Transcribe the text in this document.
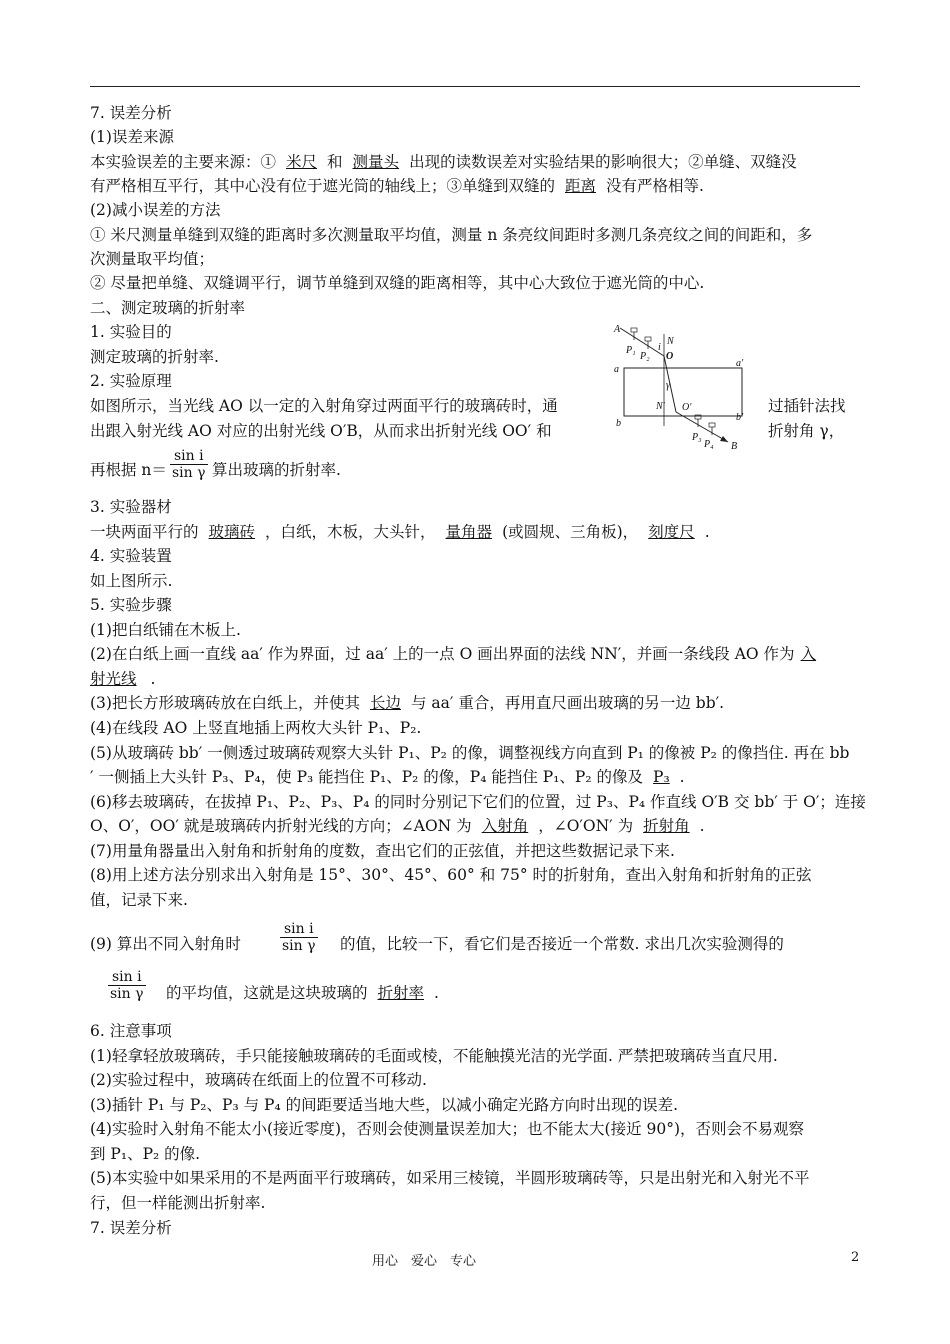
7. 误差分析
(1)误差来源
本实验误差的主要来源：① 米尺 和 测量头 出现的读数误差对实验结果的影响很大；②单缝、双缝没
有严格相互平行，其中心没有位于遮光筒的轴线上；③单缝到双缝的 距离 没有严格相等.
(2)减小误差的方法
① 米尺测量单缝到双缝的距离时多次测量取平均值，测量 n 条亮纹间距时多测几条亮纹之间的间距和，多
次测量取平均值；
② 尽量把单缝、双缝调平行，调节单缝到双缝的距离相等，其中心大致位于遮光筒的中心.
二、测定玻璃的折射率
1. 实验目的
测定玻璃的折射率.
2. 实验原理
如图所示，当光线 AO 以一定的入射角穿过两面平行的玻璃砖时，通	过插针法找
出跟入射光线 AO 对应的出射光线 O′B，从而求出折射光线 OO′ 和	折射角 γ，
再根据 $n= \frac{\text{sin i}}{\text{sin γ}}$ 算出玻璃的折射率.
3. 实验器材
一块两面平行的 玻璃砖 ，白纸，木板，大头针， 量角器 (或圆规、三角板)， 刻度尺 .
4. 实验装置
如上图所示.
5. 实验步骤
(1)把白纸铺在木板上.
(2)在白纸上画一直线 aa′ 作为界面，过 aa′ 上的一点 O 画出界面的法线 NN′，并画一条线段 AO 作为 入
射光线 .
(3)把长方形玻璃砖放在白纸上，并使其 长边 与 aa′ 重合，再用直尺画出玻璃的另一边 bb′.
(4)在线段 AO 上竖直地插上两枚大头针 P₁、P₂.
(5)从玻璃砖 bb′ 一侧透过玻璃砖观察大头针 P₁、P₂ 的像，调整视线方向直到 P₁ 的像被 P₂ 的像挡住. 再在 bb
′ 一侧插上大头针 P₃、P₄，使 P₃ 能挡住 P₁、P₂ 的像，P₄ 能挡住 P₁、P₂ 的像及 P₃ .
(6)移去玻璃砖，在拔掉 P₁、P₂、P₃、P₄ 的同时分别记下它们的位置，过 P₃、P₄ 作直线 O′B 交 bb′ 于 O′；连接
O、O′，OO′ 就是玻璃砖内折射光线的方向；∠AON 为 入射角 ，∠O′ON′ 为 折射角 .
(7)用量角器量出入射角和折射角的度数，查出它们的正弦值，并把这些数据记录下来.
(8)用上述方法分别求出入射角是 15°、30°、45°、60° 和 75° 时的折射角，查出入射角和折射角的正弦
值，记录下来.
(9) 算出不同入射角时	$\frac{\text{sin i}}{\text{sin γ}}$ 的值，比较一下，看它们是否接近一个常数. 求出几次实验测得的
$\frac{\text{sin i}}{\text{sin γ}}$ 的平均值，这就是这块玻璃的 折射率 .
6. 注意事项
(1)轻拿轻放玻璃砖，手只能接触玻璃砖的毛面或棱，不能触摸光洁的光学面. 严禁把玻璃砖当直尺用.
(2)实验过程中，玻璃砖在纸面上的位置不可移动.
(3)插针 P₁ 与 P₂、P₃ 与 P₄ 的间距要适当地大些，以减小确定光路方向时出现的误差.
(4)实验时入射角不能太小(接近零度)，否则会使测量误差加大；也不能太大(接近 90°)，否则会不易观察
到 P₁、P₂ 的像.
(5)本实验中如果采用的不是两面平行玻璃砖，如采用三棱镜，半圆形玻璃砖等，只是出射光和入射光不平
行，但一样能测出折射率.
7. 误差分析
A
P₁
P₂
i
N
O
a
a′
γ
N′ O′
b
b′
P₃
P₄ B
用心　爱心　专心	2
